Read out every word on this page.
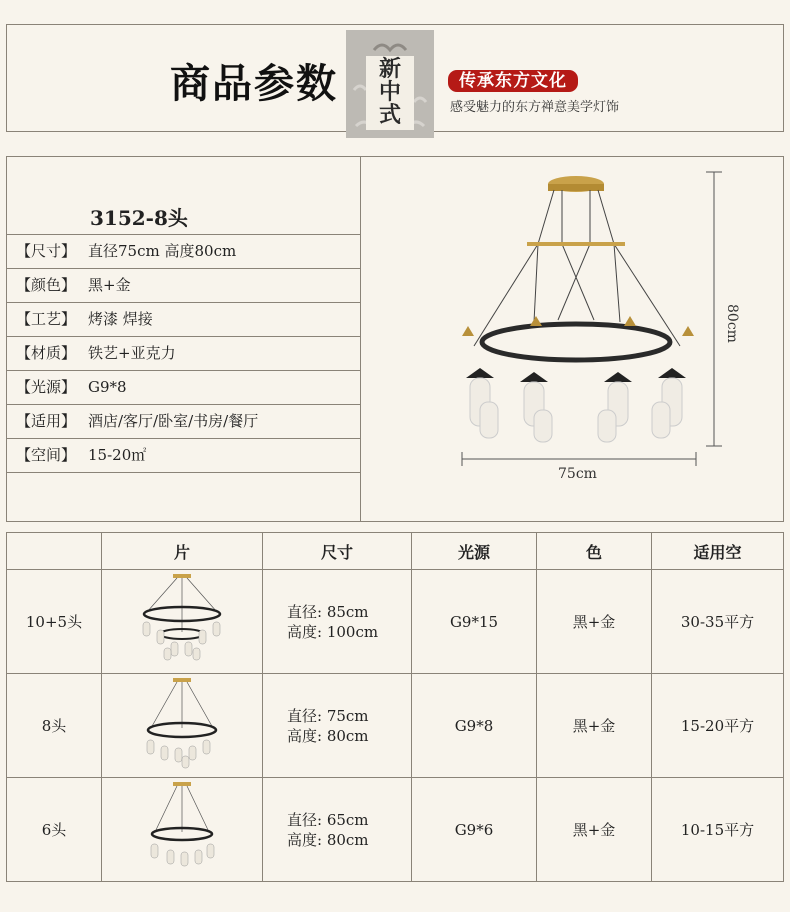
商品参数	新中式
传承东方文化
感受魅力的东方禅意美学灯饰
【尺寸】 直径75cm 高度80cm
【颜色】 黑+金
【工艺】 烤漆 焊接
【材质】 铁艺+亚克力
【光源】 G9*8
【适用】 酒店/客厅/卧室/书房/餐厅
【空间】 15-20㎡
3152-8头
80cm
75cm
	片	尺寸	光源	色	适用空
10+5头		直径: 85cm
高度: 100cm	G9*15	黑+金	30-35平方
8头		直径: 75cm
高度: 80cm	G9*8	黑+金	15-20平方
6头		直径: 65cm
高度: 80cm	G9*6	黑+金	10-15平方
